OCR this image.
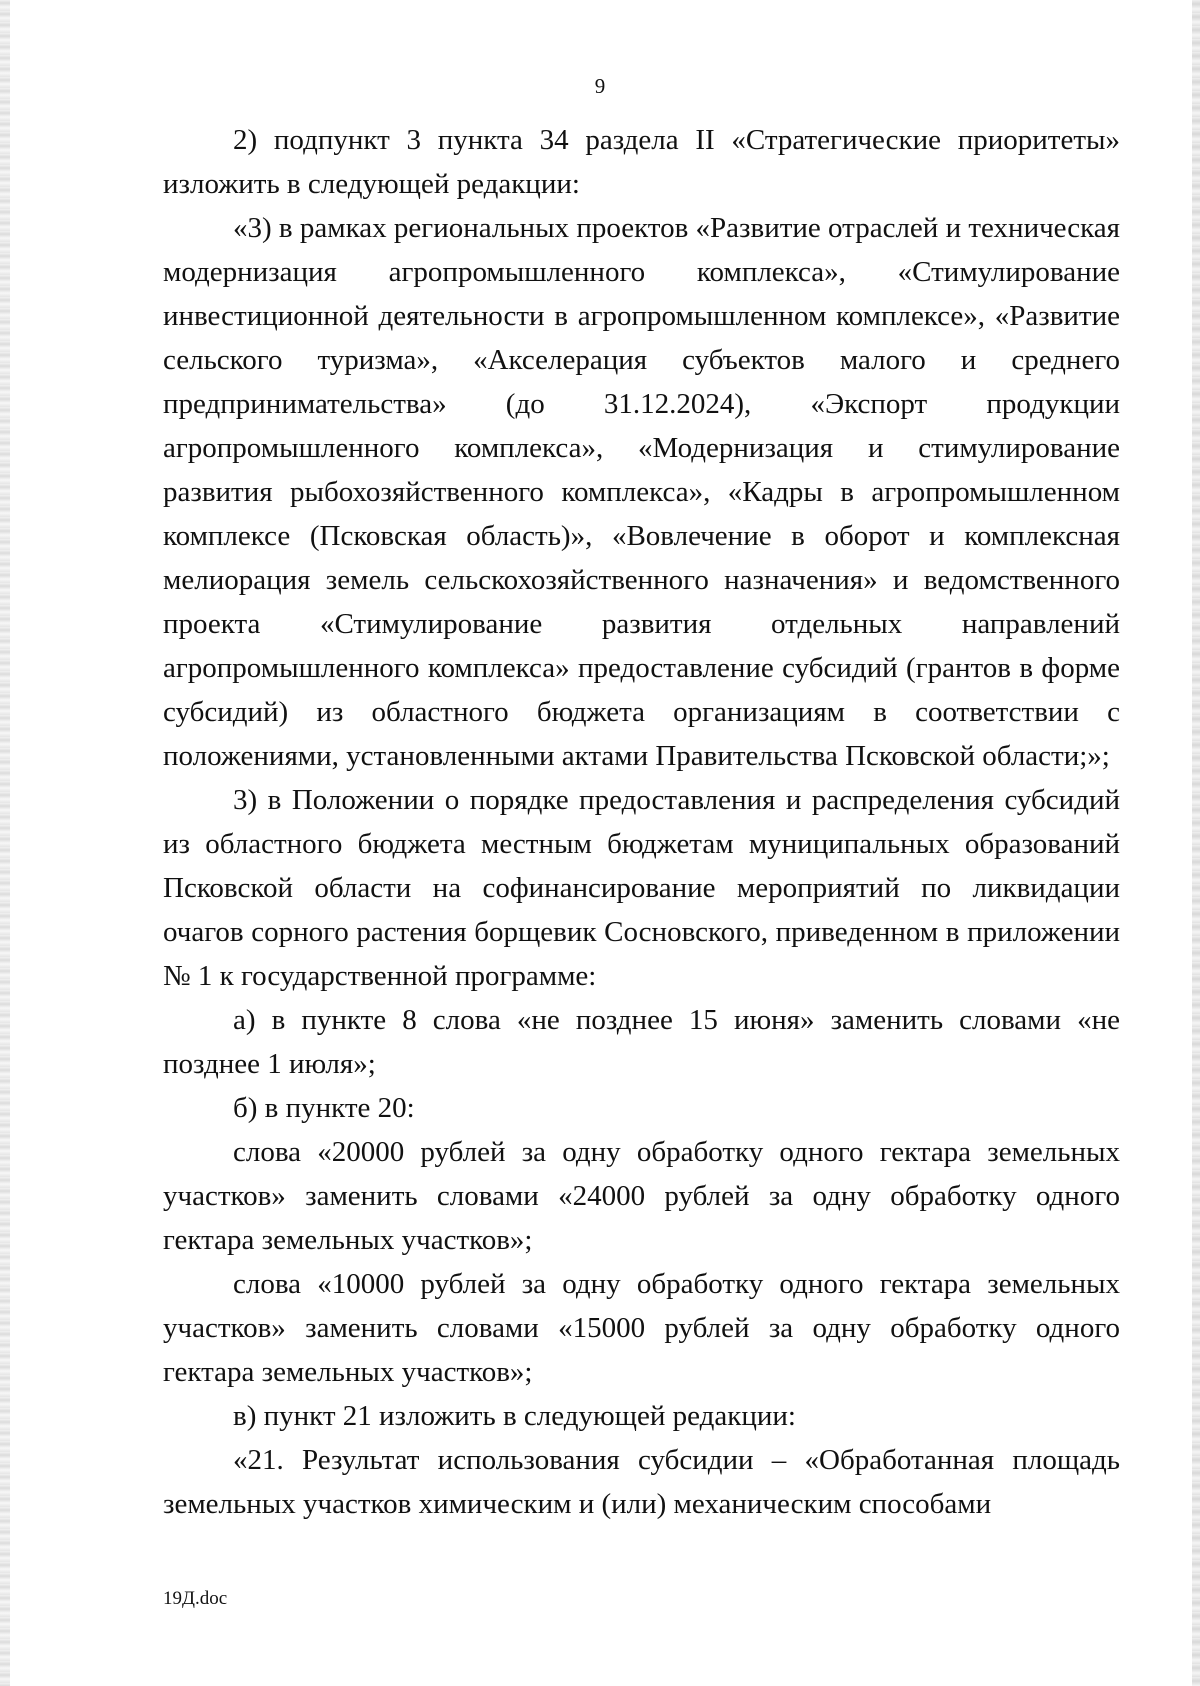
9

2) подпункт 3 пункта 34 раздела II «Стратегические приоритеты» изложить в следующей редакции:

«3) в рамках региональных проектов «Развитие отраслей и техническая модернизация агропромышленного комплекса», «Стимулирование инвестиционной деятельности в агропромышленном комплексе», «Развитие сельского туризма», «Акселерация субъектов малого и среднего предпринимательства» (до 31.12.2024), «Экспорт продукции агропромышленного комплекса», «Модернизация и стимулирование развития рыбохозяйственного комплекса», «Кадры в агропромышленном комплексе (Псковская область)», «Вовлечение в оборот и комплексная мелиорация земель сельскохозяйственного назначения» и ведомственного проекта «Стимулирование развития отдельных направлений агропромышленного комплекса» предоставление субсидий (грантов в форме субсидий) из областного бюджета организациям в соответствии с положениями, установленными актами Правительства Псковской области;»;

3) в Положении о порядке предоставления и распределения субсидий из областного бюджета местным бюджетам муниципальных образований Псковской области на софинансирование мероприятий по ликвидации очагов сорного растения борщевик Сосновского, приведенном в приложении № 1 к государственной программе:

а) в пункте 8 слова «не позднее 15 июня» заменить словами «не позднее 1 июля»;

б) в пункте 20:

слова «20000 рублей за одну обработку одного гектара земельных участков» заменить словами «24000 рублей за одну обработку одного гектара земельных участков»;

слова «10000 рублей за одну обработку одного гектара земельных участков» заменить словами «15000 рублей за одну обработку одного гектара земельных участков»;

в) пункт 21 изложить в следующей редакции:

«21. Результат использования субсидии – «Обработанная площадь земельных участков химическим и (или) механическим способами

19Д.doc
